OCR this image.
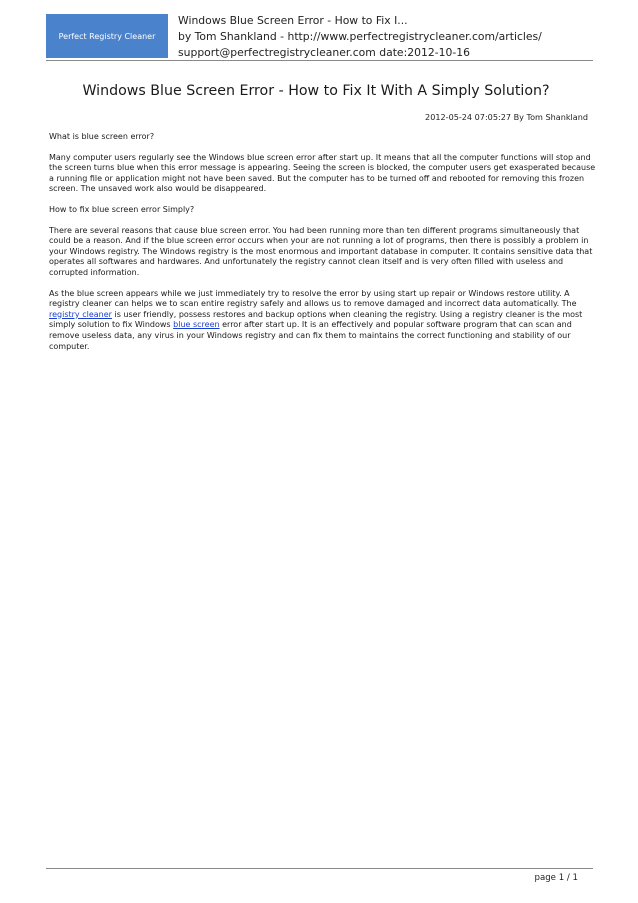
Perfect Registry Cleaner
Windows Blue Screen Error - How to Fix I...
by Tom Shankland - http://www.perfectregistrycleaner.com/articles/
support@perfectregistrycleaner.com date:2012-10-16
Windows Blue Screen Error - How to Fix It With A Simply Solution?
2012-05-24 07:05:27 By Tom Shankland

What is blue screen error?

Many computer users regularly see the Windows blue screen error after start up. It means that all the computer functions will stop and the screen turns blue when this error message is appearing. Seeing the screen is blocked, the computer users get exasperated because a running file or application might not have been saved. But the computer has to be turned off and rebooted for removing this frozen screen. The unsaved work also would be disappeared.

How to fix blue screen error Simply?

There are several reasons that cause blue screen error. You had been running more than ten different programs simultaneously that could be a reason. And if the blue screen error occurs when your are not running a lot of programs, then there is possibly a problem in your Windows registry. The Windows registry is the most enormous and important database in computer. It contains sensitive data that operates all softwares and hardwares. And unfortunately the registry cannot clean itself and is very often filled with useless and corrupted information.

As the blue screen appears while we just immediately try to resolve the error by using start up repair or Windows restore utility. A registry cleaner can helps we to scan entire registry safely and allows us to remove damaged and incorrect data automatically. The registry cleaner is user friendly, possess restores and backup options when cleaning the registry. Using a registry cleaner is the most simply solution to fix Windows blue screen error after start up. It is an effectively and popular software program that can scan and remove useless data, any virus in your Windows registry and can fix them to maintains the correct functioning and stability of our computer.

page 1 / 1
